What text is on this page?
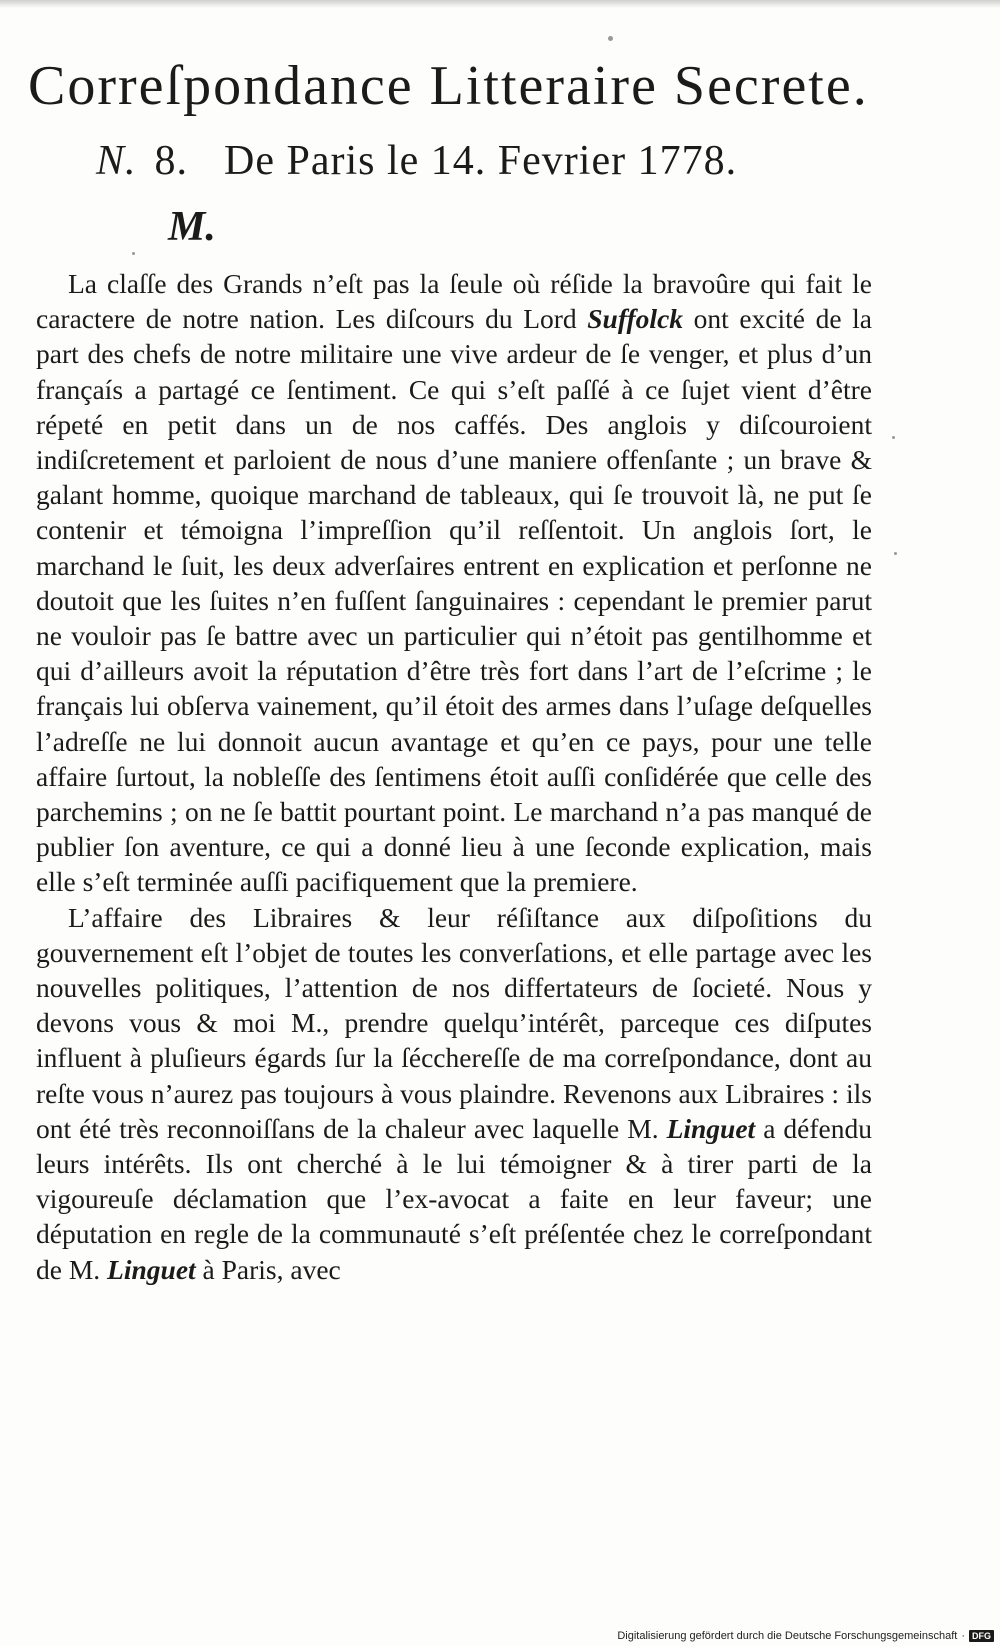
Correſpondance Litteraire Secrete.
N. 8. De Paris le 14. Fevrier 1778.
M.

La claſſe des Grands n’eſt pas la ſeule où réſide la bravoûre qui fait le caractere de notre nation. Les diſcours du Lord Suffolck ont excité de la part des chefs de notre militaire une vive ardeur de ſe venger, et plus d’un françaís a partagé ce ſentiment. Ce qui s’eſt paſſé à ce ſujet vient d’être répeté en petit dans un de nos caffés. Des anglois y diſcouroient indiſcretement et parloient de nous d’une maniere offenſante ; un brave & galant homme, quoique marchand de tableaux, qui ſe trouvoit là, ne put ſe contenir et témoigna l’impreſſion qu’il reſſentoit. Un anglois ſort, le marchand le ſuit, les deux adverſaires entrent en explication et perſonne ne doutoit que les ſuites n’en fuſſent ſanguinaires : cependant le premier parut ne vouloir pas ſe battre avec un particulier qui n’étoit pas gentilhomme et qui d’ailleurs avoit la réputation d’être très fort dans l’art de l’eſcrime ; le français lui obſerva vainement, qu’il étoit des armes dans l’uſage deſquelles l’adreſſe ne lui donnoit aucun avantage et qu’en ce pays, pour une telle affaire ſurtout, la nobleſſe des ſentimens étoit auſſi conſidérée que celle des parchemins ; on ne ſe battit pourtant point. Le marchand n’a pas manqué de publier ſon aventure, ce qui a donné lieu à une ſeconde explication, mais elle s’eſt terminée auſſi pacifiquement que la premiere.

L’affaire des Libraires & leur réſiſtance aux diſpoſitions du gouvernement eſt l’objet de toutes les converſations, et elle partage avec les nouvelles politiques, l’attention de nos differtateurs de ſocieté. Nous y devons vous & moi M., prendre quelqu’intérêt, parceque ces diſputes influent à pluſieurs égards ſur la ſécchereſſe de ma correſpondance, dont au reſte vous n’aurez pas toujours à vous plaindre. Revenons aux Libraires : ils ont été très reconnoiſſans de la chaleur avec laquelle M. Linguet a défendu leurs intérêts. Ils ont cherché à le lui témoigner & à tirer parti de la vigoureuſe déclamation que l’ex-avocat a faite en leur faveur; une députation en regle de la communauté s’eſt préſentée chez le correſpondant de M. Linguet à Paris, avec

Digitalisierung gefördert durch die Deutsche Forschungsgemeinschaft · DFG
